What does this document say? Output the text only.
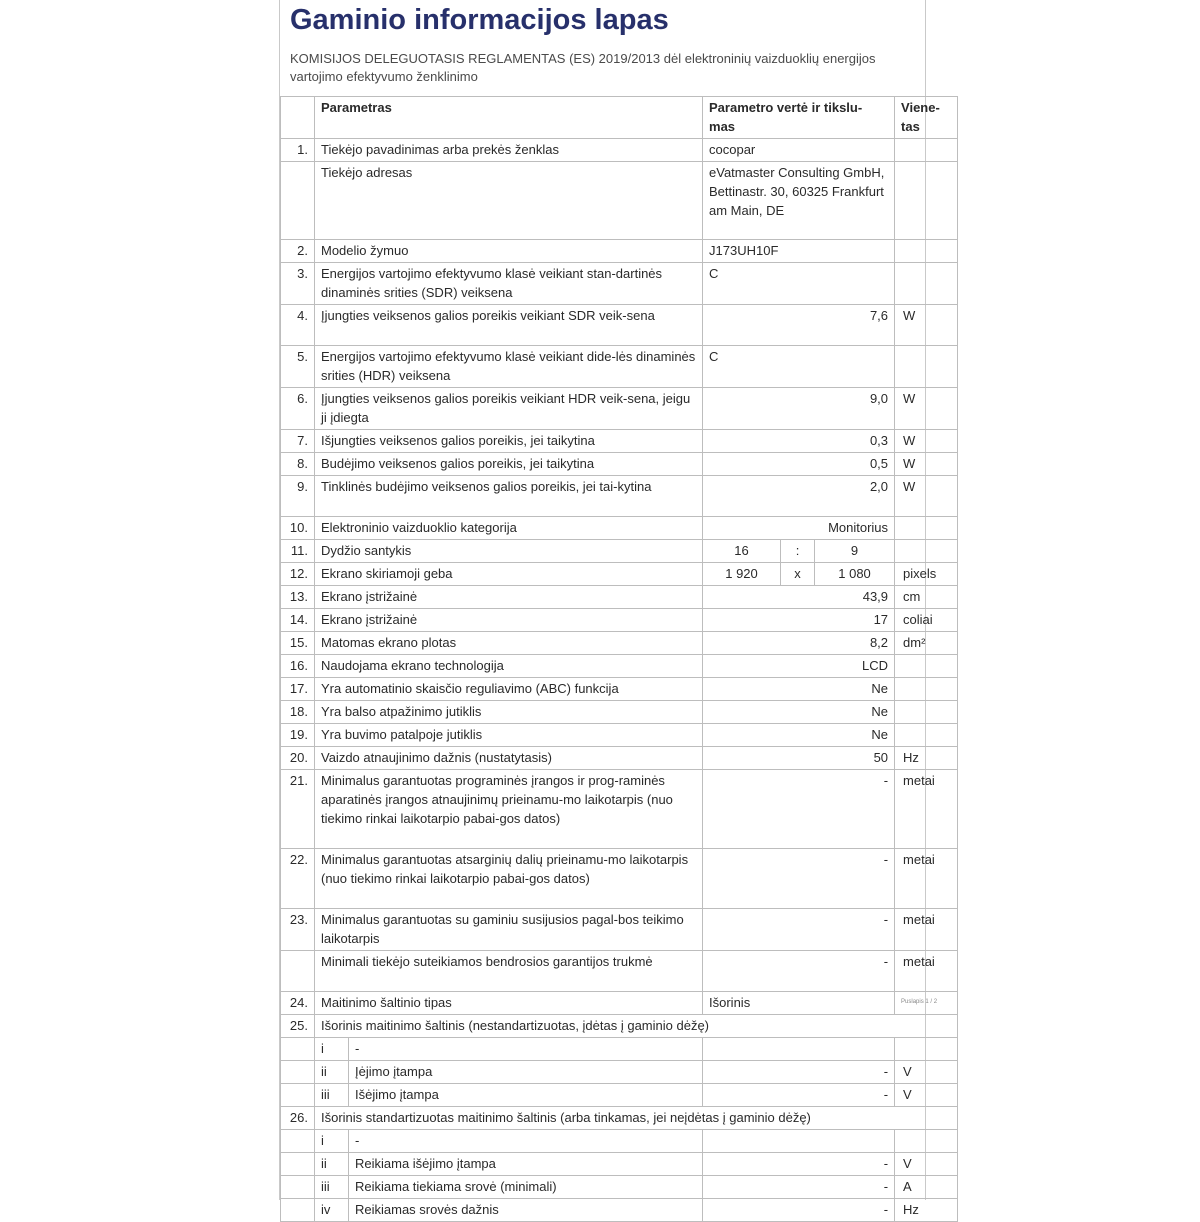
Gaminio informacijos lapas

KOMISIJOS DELEGUOTASIS REGLAMENTAS (ES) 2019/2013 dėl elektroninių vaizduoklių energijos vartojimo efektyvumo ženklinimo

	Parametras		Parametro vertė ir tikslu-mas			Viene-tas
1.	Tiekėjo pavadinimas arba prekės ženklas		cocopar			
	Tiekėjo adresas		eVatmaster Consulting GmbH, Bettinastr. 30, 60325 Frankfurt am Main, DE			
2.	Modelio žymuo		J173UH10F			
3.	Energijos vartojimo efektyvumo klasė veikiant stan-dartinės dinaminės srities (SDR) veiksena		C			
4.	Įjungties veiksenos galios poreikis veikiant SDR veik-sena		7,6			W
5.	Energijos vartojimo efektyvumo klasė veikiant dide-lės dinaminės srities (HDR) veiksena		C			
6.	Įjungties veiksenos galios poreikis veikiant HDR veik-sena, jeigu ji įdiegta		9,0			W
7.	Išjungties veiksenos galios poreikis, jei taikytina		0,3			W
8.	Budėjimo veiksenos galios poreikis, jei taikytina		0,5			W
9.	Tinklinės budėjimo veiksenos galios poreikis, jei tai-kytina		2,0			W
10.	Elektroninio vaizduoklio kategorija		Monitorius			
11.	Dydžio santykis		16	:	9	
12.	Ekrano skiriamoji geba		1 920	x	1 080	pixels
13.	Ekrano įstrižainė		43,9			cm
14.	Ekrano įstrižainė		17			coliai
15.	Matomas ekrano plotas		8,2			dm²
16.	Naudojama ekrano technologija		LCD			
17.	Yra automatinio skaisčio reguliavimo (ABC) funkcija		Ne			
18.	Yra balso atpažinimo jutiklis		Ne			
19.	Yra buvimo patalpoje jutiklis		Ne			
20.	Vaizdo atnaujinimo dažnis (nustatytasis)		50			Hz
21.	Minimalus garantuotas programinės įrangos ir prog-raminės aparatinės įrangos atnaujinimų prieinamu-mo laikotarpis (nuo tiekimo rinkai laikotarpio pabai-gos datos)		-			metai
22.	Minimalus garantuotas atsarginių dalių prieinamu-mo laikotarpis (nuo tiekimo rinkai laikotarpio pabai-gos datos)		-			metai
23.	Minimalus garantuotas su gaminiu susijusios pagal-bos teikimo laikotarpis		-			metai
	Minimali tiekėjo suteikiamos bendrosios garantijos trukmė		-			metai
24.	Maitinimo šaltinio tipas		Išorinis			Puslapis 1 / 2
25.	Išorinis maitinimo šaltinis (nestandartizuotas, įdėtas į gaminio dėžę)					
	i	-				
	ii	Įėjimo įtampa	-			V
	iii	Išėjimo įtampa	-			V
26.	Išorinis standartizuotas maitinimo šaltinis (arba tinkamas, jei neįdėtas į gaminio dėžę)					
	i	-				
	ii	Reikiama išėjimo įtampa	-			V
	iii	Reikiama tiekiama srovė (minimali)	-			A
	iv	Reikiamas srovės dažnis	-			Hz
